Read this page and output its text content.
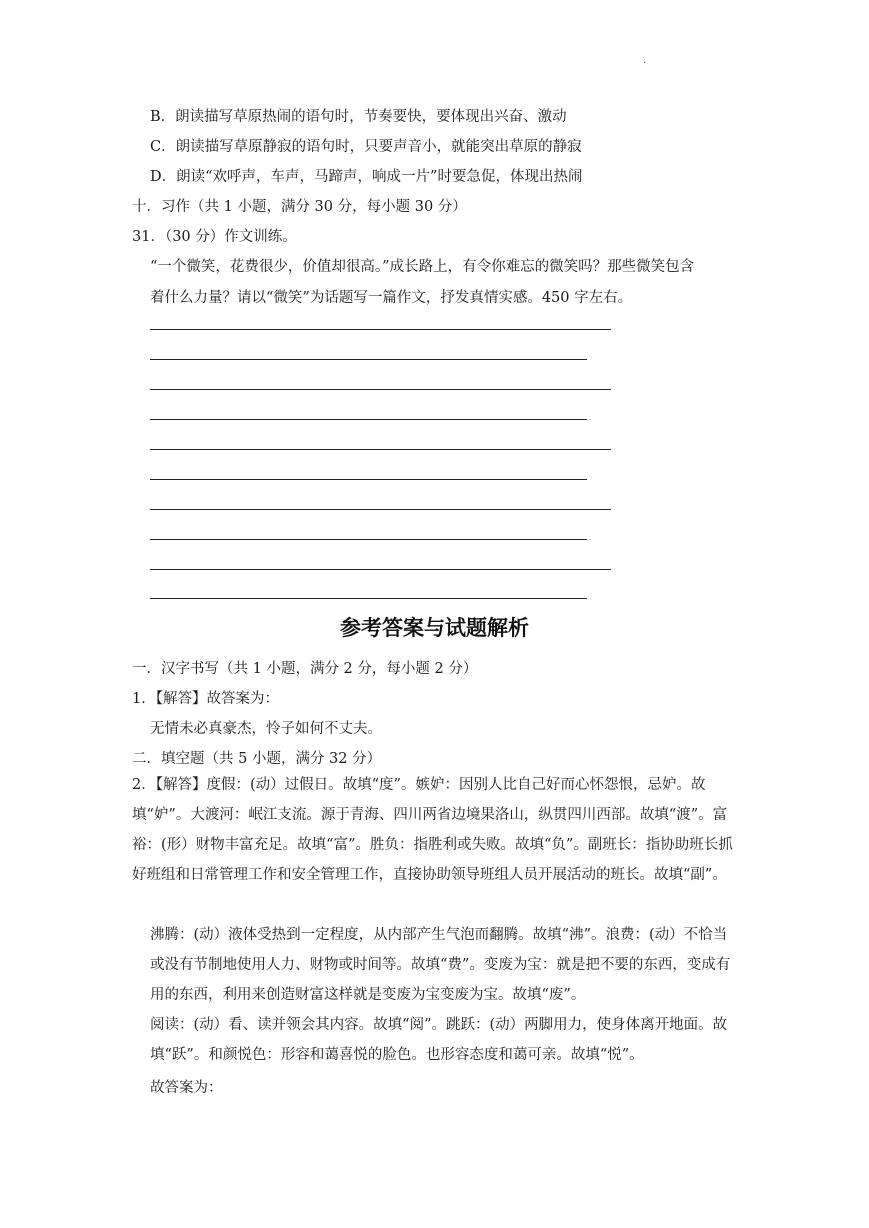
·
B．朗读描写草原热闹的语句时，节奏要快，要体现出兴奋、激动
C．朗读描写草原静寂的语句时，只要声音小，就能突出草原的静寂
D．朗读“欢呼声，车声，马蹄声，响成一片”时要急促，体现出热闹
十．习作（共 1 小题，满分 30 分，每小题 30 分）
31．（30 分）作文训练。
“一个微笑，花费很少，价值却很高。”成长路上，有令你难忘的微笑吗？那些微笑包含
着什么力量？请以“微笑”为话题写一篇作文，抒发真情实感。450 字左右。
参考答案与试题解析
一．汉字书写（共 1 小题，满分 2 分，每小题 2 分）
1．【解答】故答案为：
无情未必真豪杰，怜子如何不丈夫。
二．填空题（共 5 小题，满分 32 分）
2．【解答】度假：(动）过假日。故填“度”。嫉妒：因别人比自己好而心怀怨恨，忌妒。故填“妒”。大渡河：岷江支流。源于青海、四川两省边境果洛山，纵贯四川西部。故填“渡”。富裕：(形）财物丰富充足。故填“富”。胜负：指胜利或失败。故填“负”。副班长：指协助班长抓好班组和日常管理工作和安全管理工作，直接协助领导班组人员开展活动的班长。故填“副”。
沸腾：(动）液体受热到一定程度，从内部产生气泡而翻腾。故填“沸”。浪费：(动）不恰当或没有节制地使用人力、财物或时间等。故填“费”。变废为宝：就是把不要的东西，变成有用的东西，利用来创造财富这样就是变废为宝变废为宝。故填“废”。
阅读：(动）看、读并领会其内容。故填“阅”。跳跃：(动）两脚用力，使身体离开地面。故填“跃”。和颜悦色：形容和蔼喜悦的脸色。也形容态度和蔼可亲。故填“悦”。
故答案为：
